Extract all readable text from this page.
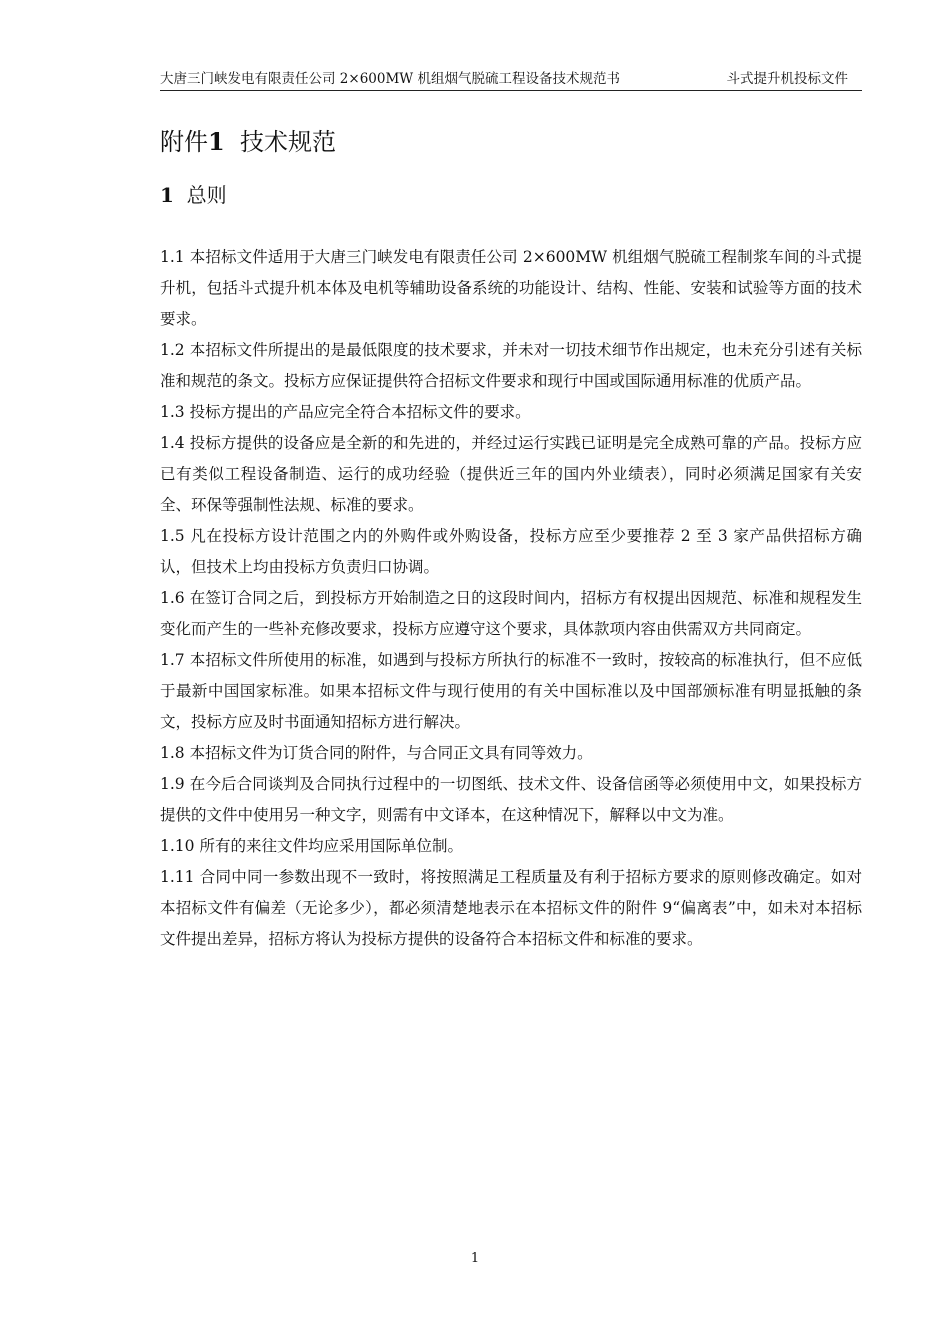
大唐三门峡发电有限责任公司 2×600MW 机组烟气脱硫工程设备技术规范书	斗式提升机投标文件
附件1 技术规范
1 总则

1.1 本招标文件适用于大唐三门峡发电有限责任公司 2×600MW 机组烟气脱硫工程制浆车间的斗式提升机，包括斗式提升机本体及电机等辅助设备系统的功能设计、结构、性能、安装和试验等方面的技术要求。

1.2 本招标文件所提出的是最低限度的技术要求，并未对一切技术细节作出规定，也未充分引述有关标准和规范的条文。投标方应保证提供符合招标文件要求和现行中国或国际通用标准的优质产品。

1.3 投标方提出的产品应完全符合本招标文件的要求。

1.4 投标方提供的设备应是全新的和先进的，并经过运行实践已证明是完全成熟可靠的产品。投标方应已有类似工程设备制造、运行的成功经验（提供近三年的国内外业绩表），同时必须满足国家有关安全、环保等强制性法规、标准的要求。

1.5 凡在投标方设计范围之内的外购件或外购设备，投标方应至少要推荐 2 至 3 家产品供招标方确认，但技术上均由投标方负责归口协调。

1.6 在签订合同之后，到投标方开始制造之日的这段时间内，招标方有权提出因规范、标准和规程发生变化而产生的一些补充修改要求，投标方应遵守这个要求，具体款项内容由供需双方共同商定。

1.7 本招标文件所使用的标准，如遇到与投标方所执行的标准不一致时，按较高的标准执行，但不应低于最新中国国家标准。如果本招标文件与现行使用的有关中国标准以及中国部颁标准有明显抵触的条文，投标方应及时书面通知招标方进行解决。

1.8 本招标文件为订货合同的附件，与合同正文具有同等效力。

1.9 在今后合同谈判及合同执行过程中的一切图纸、技术文件、设备信函等必须使用中文，如果投标方提供的文件中使用另一种文字，则需有中文译本，在这种情况下，解释以中文为准。

1.10 所有的来往文件均应采用国际单位制。

1.11 合同中同一参数出现不一致时，将按照满足工程质量及有利于招标方要求的原则修改确定。如对本招标文件有偏差（无论多少），都必须清楚地表示在本招标文件的附件 9“偏离表”中，如未对本招标文件提出差异，招标方将认为投标方提供的设备符合本招标文件和标准的要求。

1
